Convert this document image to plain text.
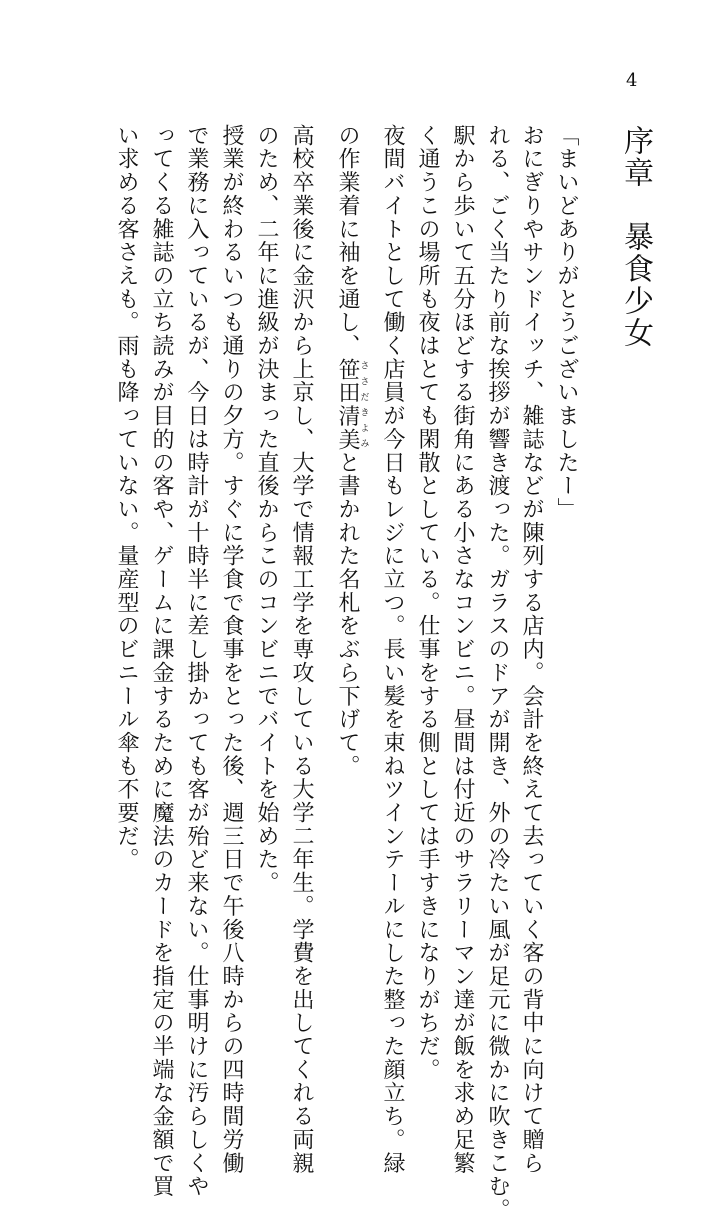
4
序章　暴食少女
「まいどありがとうございましたー」
おにぎりやサンドイッチ、雑誌などが陳列する店内。会計を終えて去っていく客の背中に向けて贈ら
れる、ごく当たり前な挨拶が響き渡った。ガラスのドアが開き、外の冷たい風が足元に微かに吹きこむ。
駅から歩いて五分ほどする街角にある小さなコンビニ。昼間は付近のサラリーマン達が飯を求め足繁
く通うこの場所も夜はとても閑散としている。仕事をする側としては手すきになりがちだ。
夜間バイトとして働く店員が今日もレジに立つ。長い髪を束ねツインテールにした整った顔立ち。緑
の作業着に袖を通し、笹田清美ささだきよみと書かれた名札をぶら下げて。
高校卒業後に金沢から上京し、大学で情報工学を専攻している大学二年生。学費を出してくれる両親
のため、二年に進級が決まった直後からこのコンビニでバイトを始めた。
授業が終わるいつも通りの夕方。すぐに学食で食事をとった後、週三日で午後八時からの四時間労働
で業務に入っているが、今日は時計が十時半に差し掛かっても客が殆ど来ない。仕事明けに汚らしくや
ってくる雑誌の立ち読みが目的の客や、ゲームに課金するために魔法のカードを指定の半端な金額で買
い求める客さえも。雨も降っていない。量産型のビニール傘も不要だ。
